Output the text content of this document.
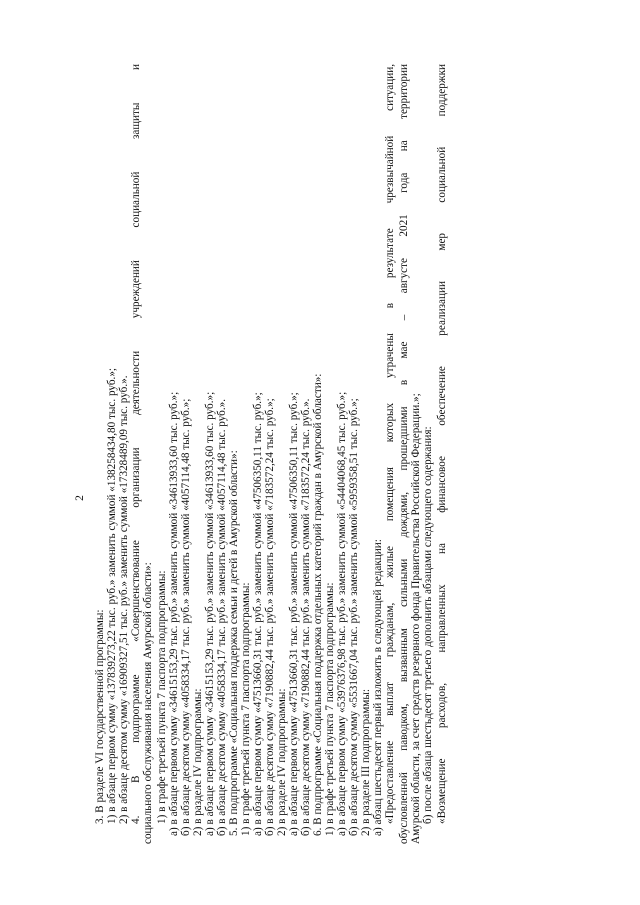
2
3. В разделе VI государственной программы: 1) в абзаце первом сумму «137839273,22 тыс. руб.» заменить суммой «138258434,80 тыс. руб.»; 2) в абзаце десятом сумму «16909327,51 тыс. руб.» заменить суммой «17328489,09 тыс. руб.». 4. В подпрограмме «Совершенствование организации деятельности учреждений социальной защиты и социального обслуживания населения Амурской области»: 1) в графе третьей пункта 7 паспорта подпрограммы: а) в абзаце первом сумму «34615153,29 тыс. руб.» заменить суммой «34613933,60 тыс. руб.»; б) в абзаце десятом сумму «4058334,17 тыс. руб.» заменить суммой «4057114,48 тыс. руб.»; 2) в разделе IV подпрограммы: а) в абзаце первом сумму «34615153,29 тыс. руб.» заменить суммой «34613933,60 тыс. руб.»; б) в абзаце десятом сумму «4058334,17 тыс. руб.» заменить суммой «4057114,48 тыс. руб.». 5. В подпрограмме «Социальная поддержка семьи и детей в Амурской области»: 1) в графе третьей пункта 7 паспорта подпрограммы: а) в абзаце первом сумму «47513660,31 тыс. руб.» заменить суммой «47506350,11 тыс. руб.»; б) в абзаце десятом сумму «7190882,44 тыс. руб.» заменить суммой «7183572,24 тыс. руб.»; 2) в разделе IV подпрограммы: а) в абзаце первом сумму «47513660,31 тыс. руб.» заменить суммой «47506350,11 тыс. руб.»; б) в абзаце десятом сумму «7190882,44 тыс. руб.» заменить суммой «7183572,24 тыс. руб.». 6. В подпрограмме «Социальная поддержка отдельных категорий граждан в Амурской области»: 1) в графе третьей пункта 7 паспорта подпрограммы: а) в абзаце первом сумму «53976376,98 тыс. руб.» заменить суммой «54404068,45 тыс. руб.»; б) в абзаце десятом сумму «5531667,04 тыс. руб.» заменить суммой «5959358,51 тыс. руб.»; 2) в разделе III подпрограммы: а) абзац шестьдесят первый изложить в следующей редакции: «Предоставление выплат гражданам, жилые помещения которых утрачены в результате чрезвычайной ситуации, обусловленной паводком, вызванным сильными дождями, прошедшими в мае – августе 2021 года на территории Амурской области, за счет средств резервного фонда Правительства Российской Федерации.»; б) после абзаца шестьдесят третьего дополнить абзацами следующего содержания: «Возмещение расходов, направленных на финансовое обеспечение реализации мер социальной поддержки
